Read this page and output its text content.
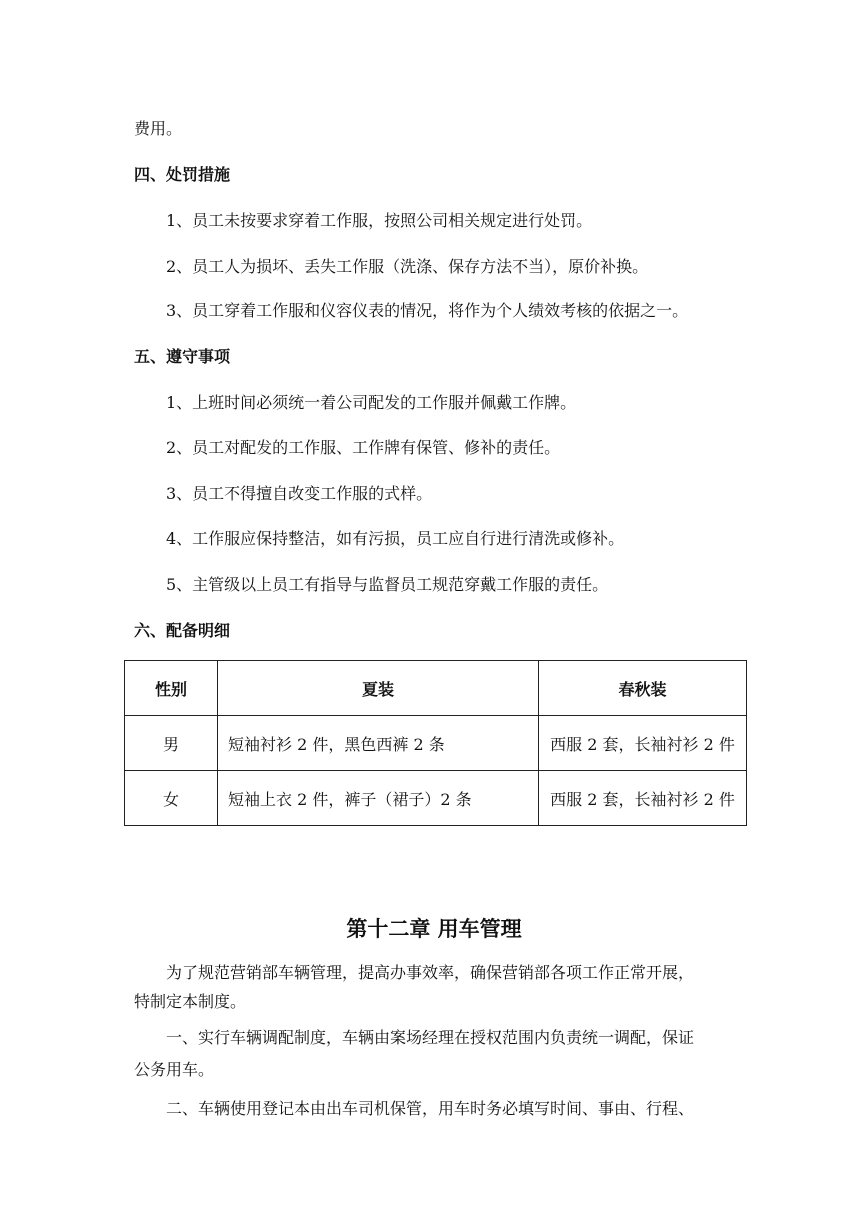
费用。
四、处罚措施
1、员工未按要求穿着工作服，按照公司相关规定进行处罚。
2、员工人为损坏、丢失工作服（洗涤、保存方法不当），原价补换。
3、员工穿着工作服和仪容仪表的情况，将作为个人绩效考核的依据之一。
五、遵守事项
1、上班时间必须统一着公司配发的工作服并佩戴工作牌。
2、员工对配发的工作服、工作牌有保管、修补的责任。
3、员工不得擅自改变工作服的式样。
4、工作服应保持整洁，如有污损，员工应自行进行清洗或修补。
5、主管级以上员工有指导与监督员工规范穿戴工作服的责任。
六、配备明细
性别	夏装	春秋装
男	短袖衬衫 2 件，黑色西裤 2 条	西服 2 套，长袖衬衫 2 件
女	短袖上衣 2 件，裤子（裙子）2 条	西服 2 套，长袖衬衫 2 件
第十二章 用车管理
为了规范营销部车辆管理，提高办事效率，确保营销部各项工作正常开展，
特制定本制度。
一、实行车辆调配制度，车辆由案场经理在授权范围内负责统一调配，保证
公务用车。
二、车辆使用登记本由出车司机保管，用车时务必填写时间、事由、行程、
